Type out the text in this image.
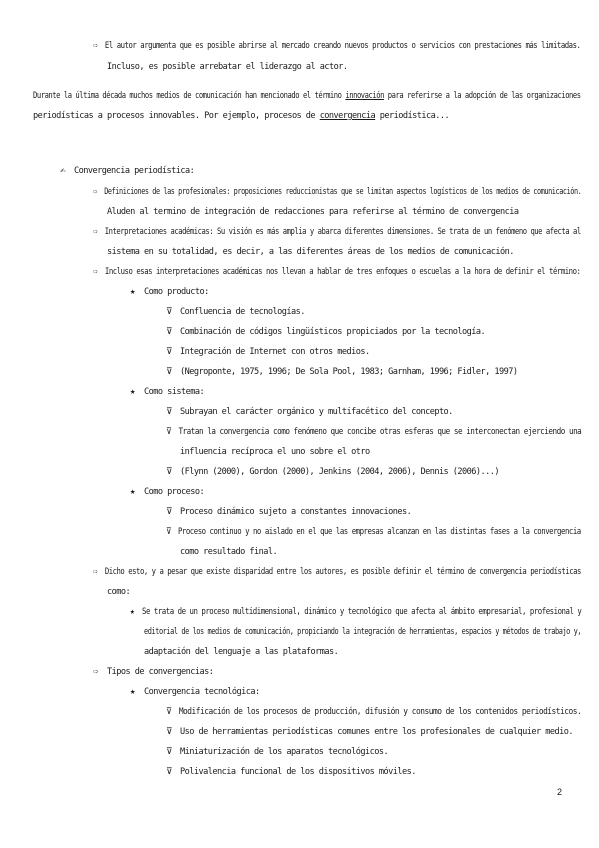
⇨ El autor argumenta que es posible abrirse al mercado creando nuevos productos o servicios con prestaciones más limitadas.
Incluso, es posible arrebatar el liderazgo al actor.
Durante la última década muchos medios de comunicación han mencionado el término innovación para referirse a la adopción de las organizaciones
periodísticas a procesos innovables. Por ejemplo, procesos de convergencia periodística...
✍ Convergencia periodística:
⇨ Definiciones de las profesionales: proposiciones reduccionistas que se limitan aspectos logísticos de los medios de comunicación.
Aluden al termino de integración de redacciones para referirse al término de convergencia
⇨ Interpretaciones académicas: Su visión es más amplia y abarca diferentes dimensiones. Se trata de un fenómeno que afecta al
sistema en su totalidad, es decir, a las diferentes áreas de los medios de comunicación.
⇨ Incluso esas interpretaciones académicas nos llevan a hablar de tres enfoques o escuelas a la hora de definir el término:
★ Como producto:
⊽ Confluencia de tecnologías.
⊽ Combinación de códigos lingüísticos propiciados por la tecnología.
⊽ Integración de Internet con otros medios.
⊽ (Negroponte, 1975, 1996; De Sola Pool, 1983; Garnham, 1996; Fidler, 1997)
★ Como sistema:
⊽ Subrayan el carácter orgánico y multifacético del concepto.
⊽ Tratan la convergencia como fenómeno que concibe otras esferas que se interconectan ejerciendo una
influencia recíproca el uno sobre el otro
⊽ (Flynn (2000), Gordon (2000), Jenkins (2004, 2006), Dennis (2006)...)
★ Como proceso:
⊽ Proceso dinámico sujeto a constantes innovaciones.
⊽ Proceso continuo y no aislado en el que las empresas alcanzan en las distintas fases a la convergencia
como resultado final.
⇨ Dicho esto, y a pesar que existe disparidad entre los autores, es posible definir el término de convergencia periodísticas
como:
★ Se trata de un proceso multidimensional, dinámico y tecnológico que afecta al ámbito empresarial, profesional y
editorial de los medios de comunicación, propiciando la integración de herramientas, espacios y métodos de trabajo y,
adaptación del lenguaje a las plataformas.
⇨ Tipos de convergencias:
★ Convergencia tecnológica:
⊽ Modificación de los procesos de producción, difusión y consumo de los contenidos periodísticos.
⊽ Uso de herramientas periodísticas comunes entre los profesionales de cualquier medio.
⊽ Miniaturización de los aparatos tecnológicos.
⊽ Polivalencia funcional de los dispositivos móviles.
2
